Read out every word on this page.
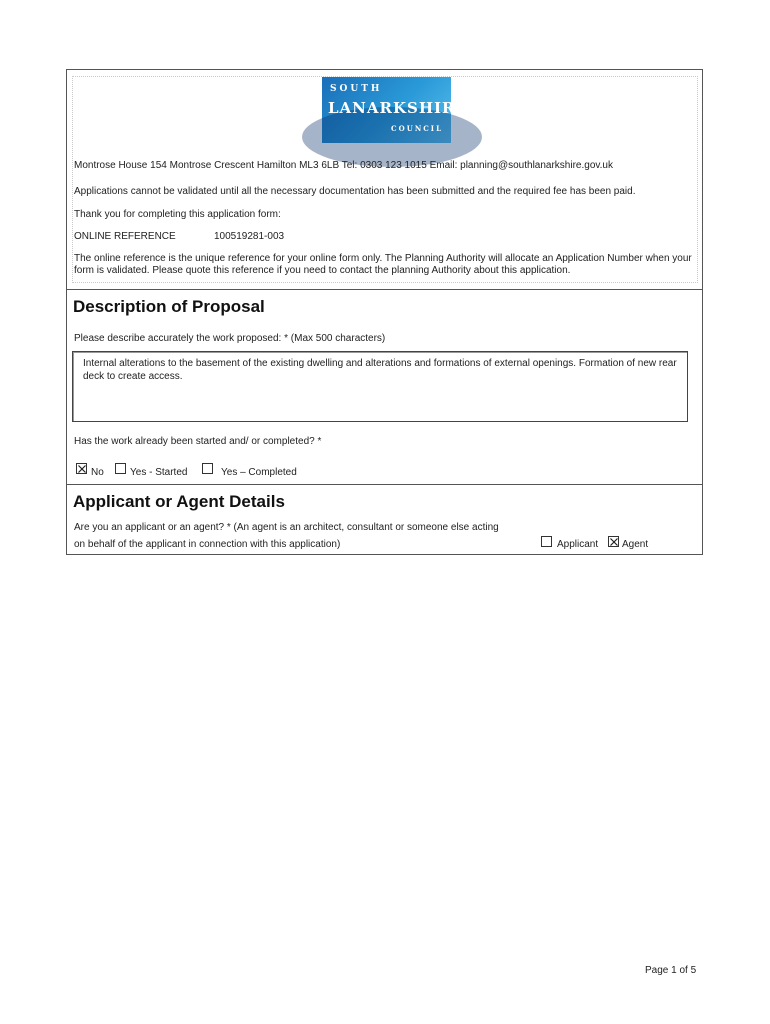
SOUTH
LANARKSHIRE
COUNCIL
Montrose House 154 Montrose Crescent Hamilton ML3 6LB Tel: 0303 123 1015 Email: planning@southlanarkshire.gov.uk
Applications cannot be validated until all the necessary documentation has been submitted and the required fee has been paid.
Thank you for completing this application form:
ONLINE REFERENCE	100519281-003
The online reference is the unique reference for your online form only. The Planning Authority will allocate an Application Number when your form is validated. Please quote this reference if you need to contact the planning Authority about this application.
Description of Proposal
Please describe accurately the work proposed: * (Max 500 characters)
Internal alterations to the basement of the existing dwelling and alterations and formations of external openings. Formation of new rear deck to create access.
Has the work already been started and/ or completed? *
No	Yes - Started	Yes – Completed
Applicant or Agent Details
Are you an applicant or an agent? * (An agent is an architect, consultant or someone else acting
on behalf of the applicant in connection with this application)	Applicant Agent
Page 1 of 5
